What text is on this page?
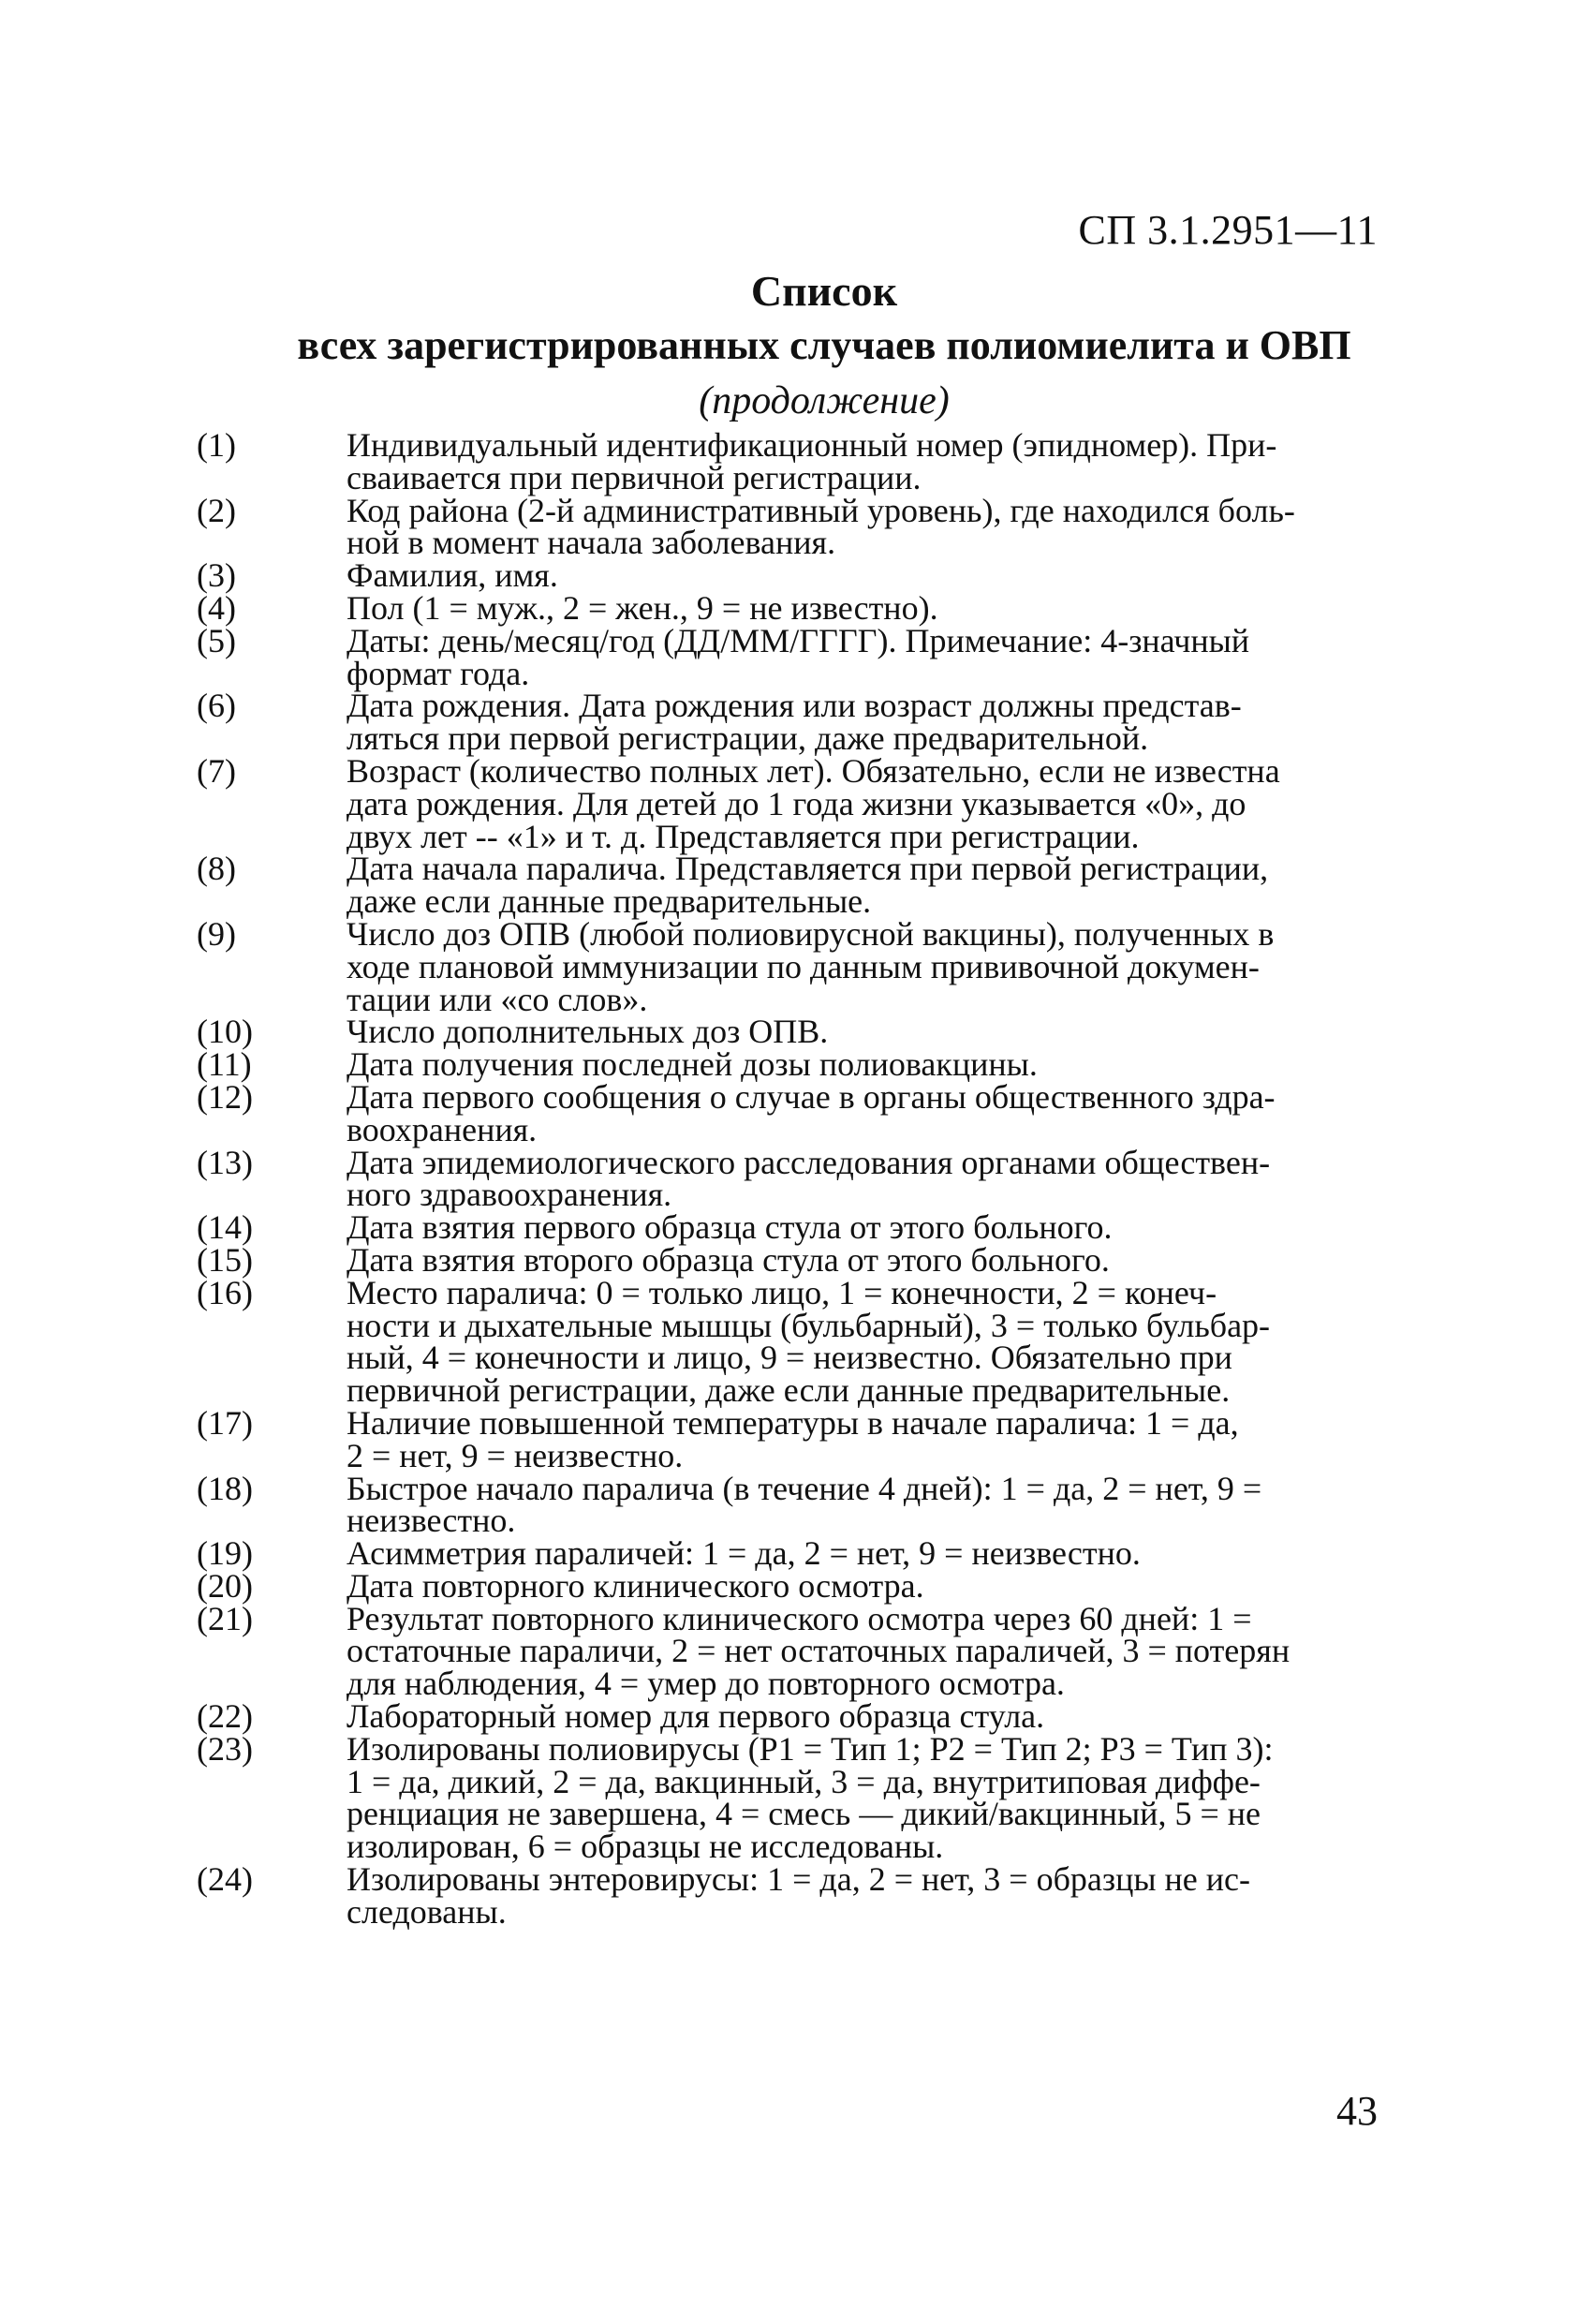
СП 3.1.2951—11
Список
всех зарегистрированных случаев полиомиелита и ОВП
(продолжение)
(1)	Индивидуальный идентификационный номер (эпидномер). При-
сваивается при первичной регистрации.
(2)	Код района (2-й административный уровень), где находился боль-
ной в момент начала заболевания.
(3)	Фамилия, имя.
(4)	Пол (1 = муж., 2 = жен., 9 = не известно).
(5)	Даты: день/месяц/год (ДД/ММ/ГГГГ). Примечание: 4-значный
формат года.
(6)	Дата рождения. Дата рождения или возраст должны представ-
ляться при первой регистрации, даже предварительной.
(7)	Возраст (количество полных лет). Обязательно, если не известна
дата рождения. Для детей до 1 года жизни указывается «0», до
двух лет -- «1» и т. д. Представляется при регистрации.
(8)	Дата начала паралича. Представляется при первой регистрации,
даже если данные предварительные.
(9)	Число доз ОПВ (любой полиовирусной вакцины), полученных в
ходе плановой иммунизации по данным прививочной докумен-
тации или «со слов».
(10)	Число дополнительных доз ОПВ.
(11)	Дата получения последней дозы полиовакцины.
(12)	Дата первого сообщения о случае в органы общественного здра-
воохранения.
(13)	Дата эпидемиологического расследования органами обществен-
ного здравоохранения.
(14)	Дата взятия первого образца стула от этого больного.
(15)	Дата взятия второго образца стула от этого больного.
(16)	Место паралича: 0 = только лицо, 1 = конечности, 2 = конеч-
ности и дыхательные мышцы (бульбарный), 3 = только бульбар-
ный, 4 = конечности и лицо, 9 = неизвестно. Обязательно при
первичной регистрации, даже если данные предварительные.
(17)	Наличие повышенной температуры в начале паралича: 1 = да,
2 = нет, 9 = неизвестно.
(18)	Быстрое начало паралича (в течение 4 дней): 1 = да, 2 = нет, 9 =
неизвестно.
(19)	Асимметрия параличей: 1 = да, 2 = нет, 9 = неизвестно.
(20)	Дата повторного клинического осмотра.
(21)	Результат повторного клинического осмотра через 60 дней: 1 =
остаточные параличи, 2 = нет остаточных параличей, 3 = потерян
для наблюдения, 4 = умер до повторного осмотра.
(22)	Лабораторный номер для первого образца стула.
(23)	Изолированы полиовирусы (Р1 = Тип 1; Р2 = Тип 2; Р3 = Тип 3):
1 = да, дикий, 2 = да, вакцинный, 3 = да, внутритиповая диффе-
ренциация не завершена, 4 = смесь — дикий/вакцинный, 5 = не
изолирован, 6 = образцы не исследованы.
(24)	Изолированы энтеровирусы: 1 = да, 2 = нет, 3 = образцы не ис-
следованы.
43
